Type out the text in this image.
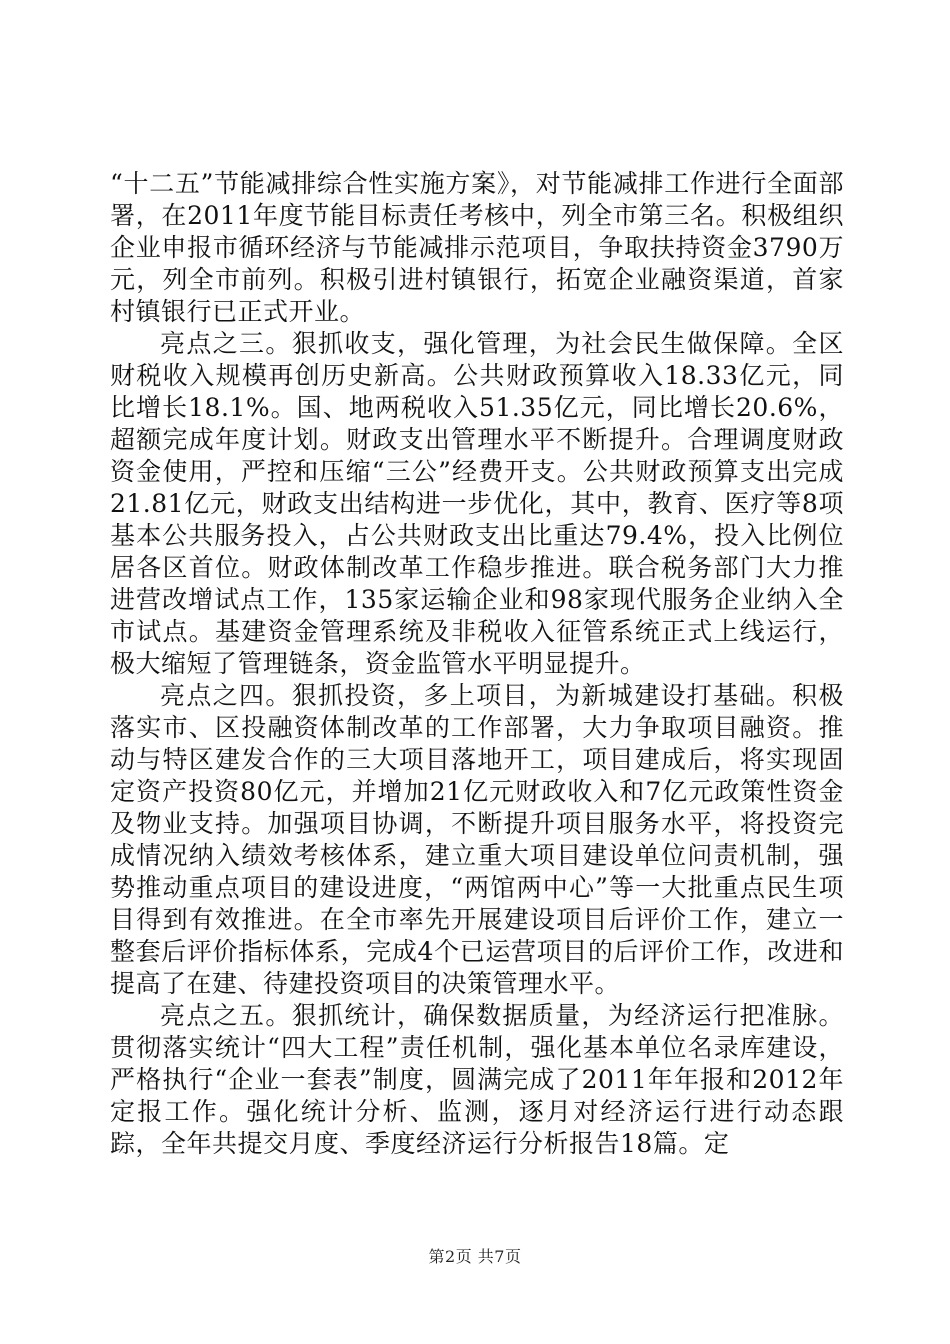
“十二五”节能减排综合性实施方案》，对节能减排工作进行全面部署，在2011年度节能目标责任考核中，列全市第三名。积极组织企业申报市循环经济与节能减排示范项目，争取扶持资金3790万元，列全市前列。积极引进村镇银行，拓宽企业融资渠道，首家村镇银行已正式开业。

亮点之三。狠抓收支，强化管理，为社会民生做保障。全区财税收入规模再创历史新高。公共财政预算收入18.33亿元，同比增长18.1%。国、地两税收入51.35亿元，同比增长20.6%，超额完成年度计划。财政支出管理水平不断提升。合理调度财政资金使用，严控和压缩“三公”经费开支。公共财政预算支出完成21.81亿元，财政支出结构进一步优化，其中，教育、医疗等8项基本公共服务投入，占公共财政支出比重达79.4%，投入比例位居各区首位。财政体制改革工作稳步推进。联合税务部门大力推进营改增试点工作，135家运输企业和98家现代服务企业纳入全市试点。基建资金管理系统及非税收入征管系统正式上线运行，极大缩短了管理链条，资金监管水平明显提升。

亮点之四。狠抓投资，多上项目，为新城建设打基础。积极落实市、区投融资体制改革的工作部署，大力争取项目融资。推动与特区建发合作的三大项目落地开工，项目建成后，将实现固定资产投资80亿元，并增加21亿元财政收入和7亿元政策性资金及物业支持。加强项目协调，不断提升项目服务水平，将投资完成情况纳入绩效考核体系，建立重大项目建设单位问责机制，强势推动重点项目的建设进度，“两馆两中心”等一大批重点民生项目得到有效推进。在全市率先开展建设项目后评价工作，建立一整套后评价指标体系，完成4个已运营项目的后评价工作，改进和提高了在建、待建投资项目的决策管理水平。

亮点之五。狠抓统计，确保数据质量，为经济运行把准脉。贯彻落实统计“四大工程”责任机制，强化基本单位名录库建设，严格执行“企业一套表”制度，圆满完成了2011年年报和2012年定报工作。强化统计分析、监测，逐月对经济运行进行动态跟踪，全年共提交月度、季度经济运行分析报告18篇。定

第2页 共7页
